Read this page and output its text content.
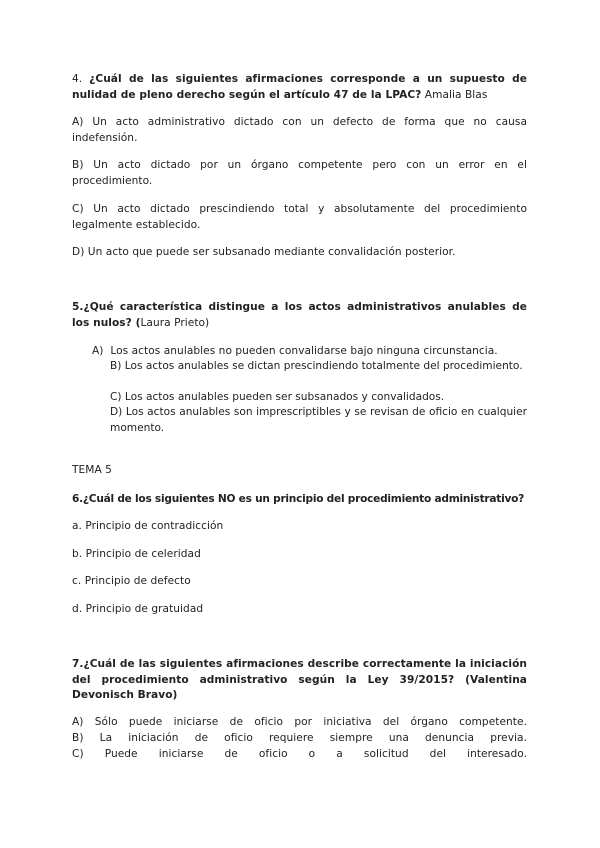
4. ¿Cuál de las siguientes afirmaciones corresponde a un supuesto de nulidad de pleno derecho según el artículo 47 de la LPAC? Amalia Blas
A) Un acto administrativo dictado con un defecto de forma que no causa indefensión.
B) Un acto dictado por un órgano competente pero con un error en el procedimiento.
C) Un acto dictado prescindiendo total y absolutamente del procedimiento legalmente establecido.
D) Un acto que puede ser subsanado mediante convalidación posterior.
5.¿Qué característica distingue a los actos administrativos anulables de los nulos? (Laura Prieto)
A) Los actos anulables no pueden convalidarse bajo ninguna circunstancia.
B) Los actos anulables se dictan prescindiendo totalmente del procedimiento.
C) Los actos anulables pueden ser subsanados y convalidados.
D) Los actos anulables son imprescriptibles y se revisan de oficio en cualquier momento.
TEMA 5
6.¿Cuál de los siguientes NO es un principio del procedimiento administrativo?
a. Principio de contradicción
b. Principio de celeridad
c. Principio de defecto
d. Principio de gratuidad
7.¿Cuál de las siguientes afirmaciones describe correctamente la iniciación del procedimiento administrativo según la Ley 39/2015? (Valentina Devonisch Bravo)
A) Sólo puede iniciarse de oficio por iniciativa del órgano competente.
B) La iniciación de oficio requiere siempre una denuncia previa.
C) Puede iniciarse de oficio o a solicitud del interesado.
